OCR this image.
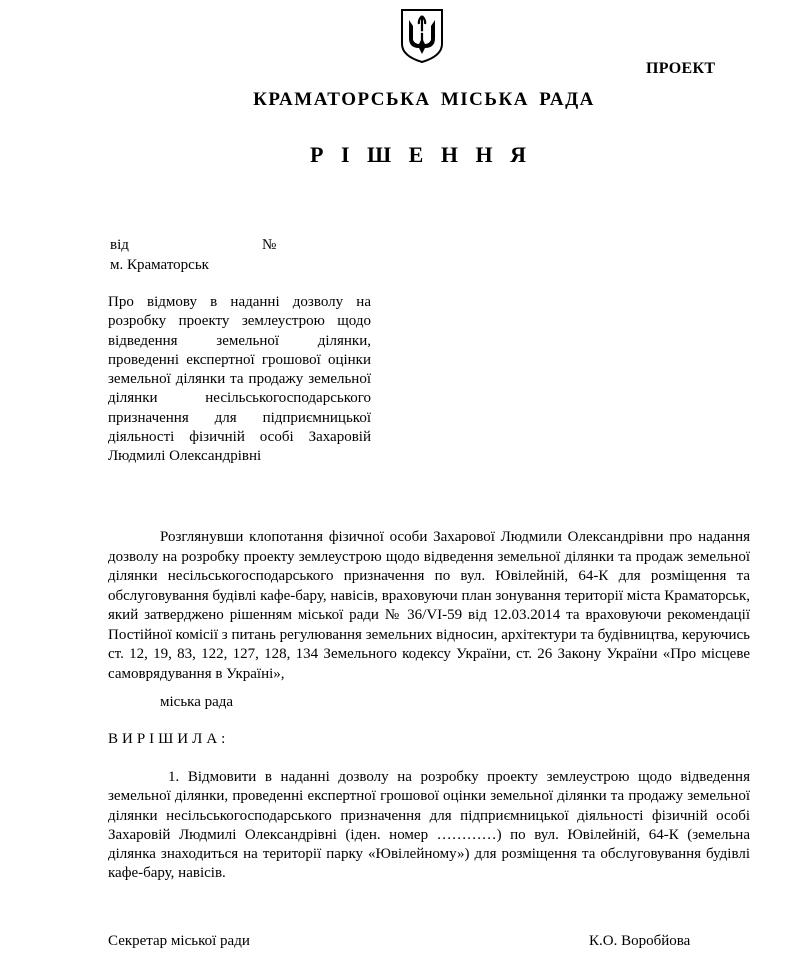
ПРОЕКТ
КРАМАТОРСЬКА МІСЬКА РАДА
Р І Ш Е Н Н Я
від	№
м. Краматорськ
Про відмову в наданні дозволу на розробку проекту землеустрою щодо відведення земельної ділянки, проведенні експертної грошової оцінки земельної ділянки та продажу земельної ділянки несільськогосподарського призначення для підприємницької діяльності фізичній особі Захаровій Людмилі Олександрівні
Розглянувши клопотання фізичної особи Захарової Людмили Олександрівни про надання дозволу на розробку проекту землеустрою щодо відведення земельної ділянки та продаж земельної ділянки несільськогосподарського призначення по вул. Ювілейній, 64-К для розміщення та обслуговування будівлі кафе-бару, навісів, враховуючи план зонування території міста Краматорськ, який затверджено рішенням міської ради № 36/VI-59 від 12.03.2014 та враховуючи рекомендації Постійної комісії з питань регулювання земельних відносин, архітектури та будівництва, керуючись ст. 12, 19, 83, 122, 127, 128, 134 Земельного кодексу України, ст. 26 Закону України «Про місцеве самоврядування в Україні»,
міська рада
ВИРІШИЛА:
1. Відмовити в наданні дозволу на розробку проекту землеустрою щодо відведення земельної ділянки, проведенні експертної грошової оцінки земельної ділянки та продажу земельної ділянки несільськогосподарського призначення для підприємницької діяльності фізичній особі Захаровій Людмилі Олександрівні (іден. номер …………) по вул. Ювілейній, 64-К (земельна ділянка знаходиться на території парку «Ювілейному») для розміщення та обслуговування будівлі кафе-бару, навісів.
Секретар міської ради	К.О. Воробйова
